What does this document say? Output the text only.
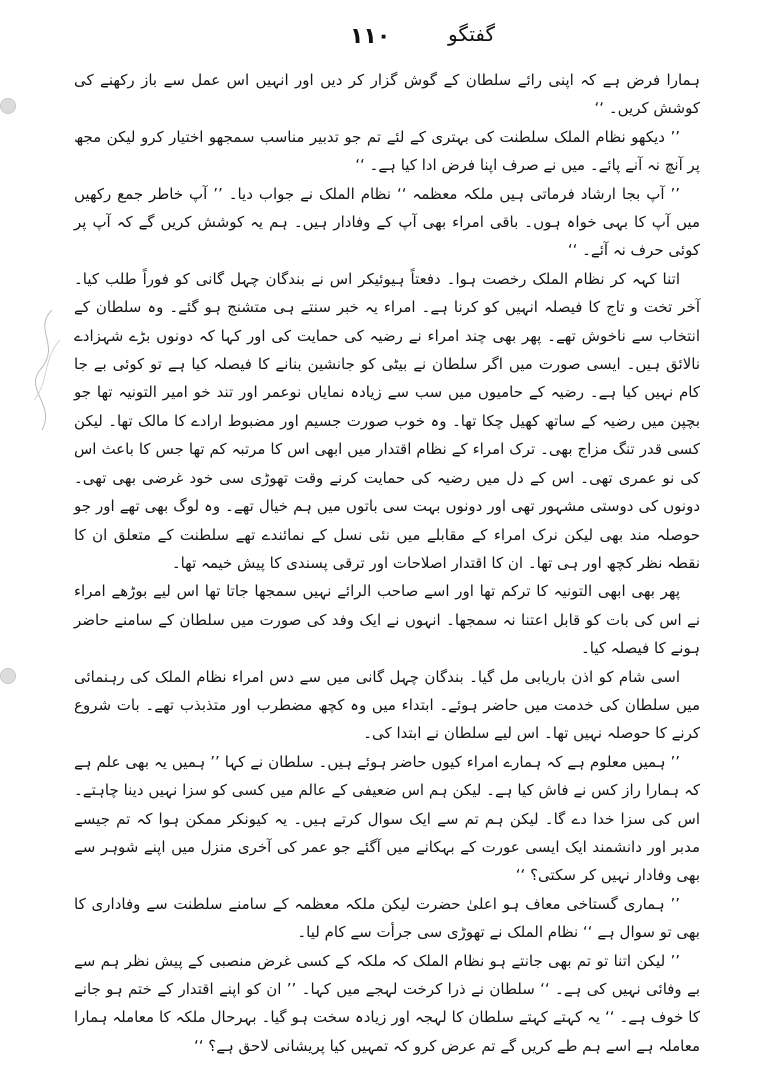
۱۱۰	گفتگو

ہمارا فرض ہے کہ اپنی رائے سلطان کے گوش گزار کر دیں اور انہیں اس عمل سے باز رکھنے کی کوشش کریں۔ ‘‘

’’ دیکھو نظام الملک سلطنت کی بہتری کے لئے تم جو تدبیر مناسب سمجھو اختیار کرو لیکن مجھ پر آنچ نہ آنے پائے۔ میں نے صرف اپنا فرض ادا کیا ہے۔ ‘‘

’’ آپ بجا ارشاد فرماتی ہیں ملکہ معظمہ ‘‘ نظام الملک نے جواب دیا۔ ’’ آپ خاطر جمع رکھیں میں آپ کا بہی خواہ ہوں۔ باقی امراء بھی آپ کے وفادار ہیں۔ ہم یہ کوشش کریں گے کہ آپ پر کوئی حرف نہ آئے۔ ‘‘

اتنا کہہ کر نظام الملک رخصت ہوا۔ دفعتاً ہیوئیکر اس نے بندگان چہل گانی کو فوراً طلب کیا۔ آخر تخت و تاج کا فیصلہ انہیں کو کرنا ہے۔ امراء یہ خبر سنتے ہی متشنج ہو گئے۔ وہ سلطان کے انتخاب سے ناخوش تھے۔ پھر بھی چند امراء نے رضیہ کی حمایت کی اور کہا کہ دونوں بڑے شہزادے نالائق ہیں۔ ایسی صورت میں اگر سلطان نے بیٹی کو جانشین بنانے کا فیصلہ کیا ہے تو کوئی بے جا کام نہیں کیا ہے۔ رضیہ کے حامیوں میں سب سے زیادہ نمایاں نوعمر اور تند خو امیر التونیہ تھا جو بچپن میں رضیہ کے ساتھ کھیل چکا تھا۔ وہ خوب صورت جسیم اور مضبوط ارادے کا مالک تھا۔ لیکن کسی قدر تنگ مزاج بھی۔ ترک امراء کے نظام اقتدار میں ابھی اس کا مرتبہ کم تھا جس کا باعث اس کی نو عمری تھی۔ اس کے دل میں رضیہ کی حمایت کرنے وقت تھوڑی سی خود غرضی بھی تھی۔ دونوں کی دوستی مشہور تھی اور دونوں بہت سی باتوں میں ہم خیال تھے۔ وہ لوگ بھی تھے اور جو حوصلہ مند بھی لیکن نرک امراء کے مقابلے میں نئی نسل کے نمائندے تھے سلطنت کے متعلق ان کا نقطہ نظر کچھ اور ہی تھا۔ ان کا اقتدار اصلاحات اور ترقی پسندی کا پیش خیمہ تھا۔

پھر بھی ابھی التونیہ کا ترکم تھا اور اسے صاحب الرائے نہیں سمجھا جاتا تھا اس لیے بوڑھے امراء نے اس کی بات کو قابل اعتنا نہ سمجھا۔ انہوں نے ایک وفد کی صورت میں سلطان کے سامنے حاضر ہونے کا فیصلہ کیا۔

اسی شام کو اذن باریابی مل گیا۔ بندگان چہل گانی میں سے دس امراء نظام الملک کی رہنمائی میں سلطان کی خدمت میں حاضر ہوئے۔ ابتداء میں وہ کچھ مضطرب اور متذبذب تھے۔ بات شروع کرنے کا حوصلہ نہیں تھا۔ اس لیے سلطان نے ابتدا کی۔

’’ ہمیں معلوم ہے کہ ہمارے امراء کیوں حاضر ہوئے ہیں۔ سلطان نے کہا ’’ ہمیں یہ بھی علم ہے کہ ہمارا راز کس نے فاش کیا ہے۔ لیکن ہم اس ضعیفی کے عالم میں کسی کو سزا نہیں دینا چاہتے۔ اس کی سزا خدا دے گا۔ لیکن ہم تم سے ایک سوال کرتے ہیں۔ یہ کیونکر ممکن ہوا کہ تم جیسے مدبر اور دانشمند ایک ایسی عورت کے بہکانے میں آگئے جو عمر کی آخری منزل میں اپنے شوہر سے بھی وفادار نہیں کر سکتی؟ ‘‘

’’ ہماری گستاخی معاف ہو اعلیٰ حضرت لیکن ملکہ معظمہ کے سامنے سلطنت سے وفاداری کا بھی تو سوال ہے ‘‘ نظام الملک نے تھوڑی سی جرأت سے کام لیا۔

’’ لیکن اتنا تو تم بھی جانتے ہو نظام الملک کہ ملکہ کے کسی غرض منصبی کے پیش نظر ہم سے بے وفائی نہیں کی ہے۔ ‘‘ سلطان نے ذرا کرخت لہجے میں کہا۔ ’’ ان کو اپنے اقتدار کے ختم ہو جانے کا خوف ہے۔ ‘‘ یہ کہتے کہتے سلطان کا لہجہ اور زیادہ سخت ہو گیا۔ بہرحال ملکہ کا معاملہ ہمارا معاملہ ہے اسے ہم طے کریں گے تم عرض کرو کہ تمہیں کیا پریشانی لاحق ہے؟ ‘‘
